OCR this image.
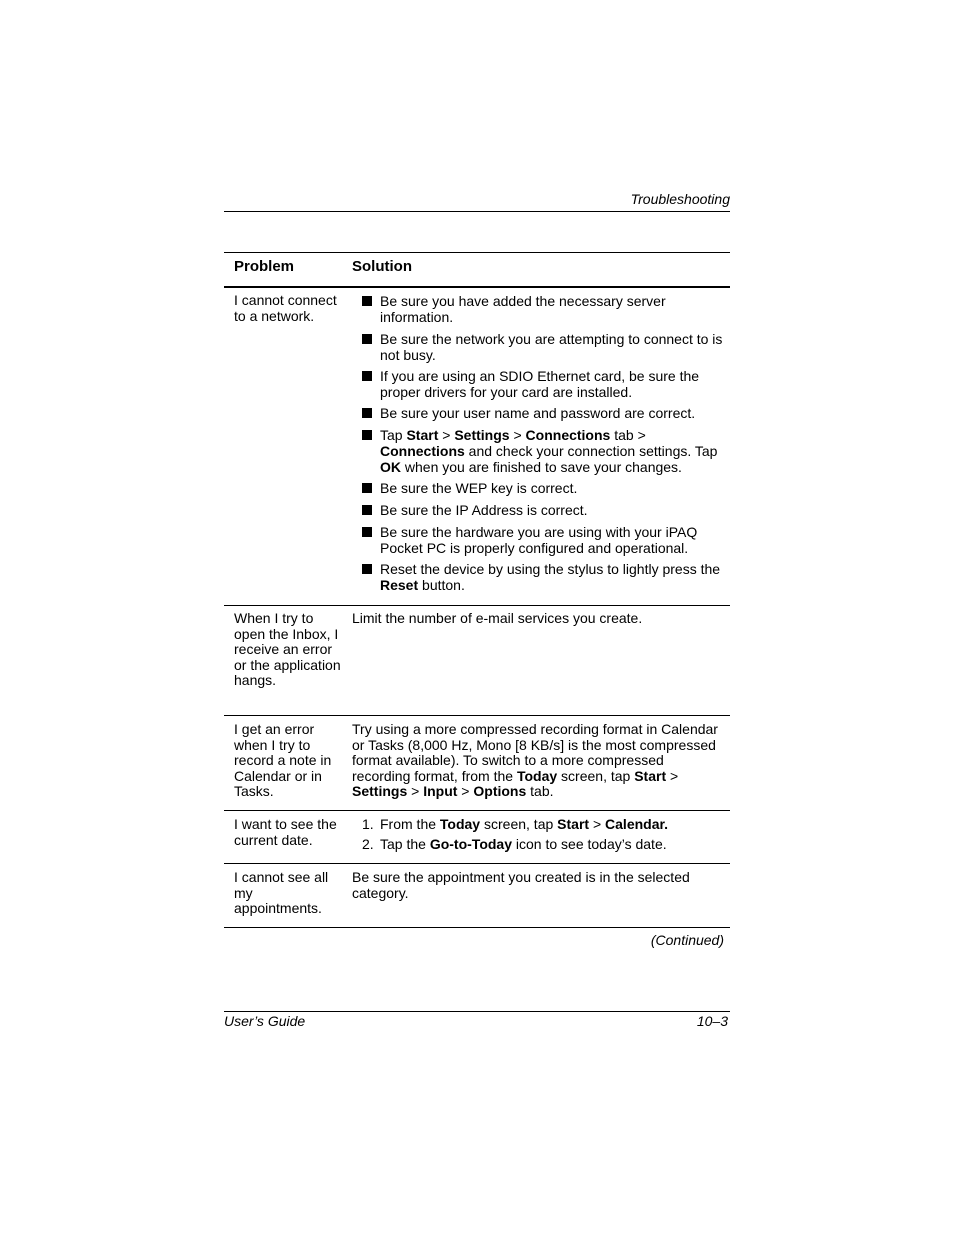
Troubleshooting
Problem	Solution
I cannot connect to a network.
Be sure you have added the necessary server information.
Be sure the network you are attempting to connect to is not busy.
If you are using an SDIO Ethernet card, be sure the proper drivers for your card are installed.
Be sure your user name and password are correct.
Tap Start > Settings > Connections tab > Connections and check your connection settings. Tap OK when you are finished to save your changes.
Be sure the WEP key is correct.
Be sure the IP Address is correct.
Be sure the hardware you are using with your iPAQ Pocket PC is properly configured and operational.
Reset the device by using the stylus to lightly press the Reset button.
When I try to open the Inbox, I receive an error or the application hangs.
Limit the number of e-mail services you create.
I get an error when I try to record a note in Calendar or in Tasks.
Try using a more compressed recording format in Calendar or Tasks (8,000 Hz, Mono [8 KB/s] is the most compressed format available). To switch to a more compressed recording format, from the Today screen, tap Start > Settings > Input > Options tab.
I want to see the current date.
1. From the Today screen, tap Start > Calendar.
2. Tap the Go-to-Today icon to see today’s date.
I cannot see all my appointments.
Be sure the appointment you created is in the selected category.
(Continued)
User’s Guide	10–3
